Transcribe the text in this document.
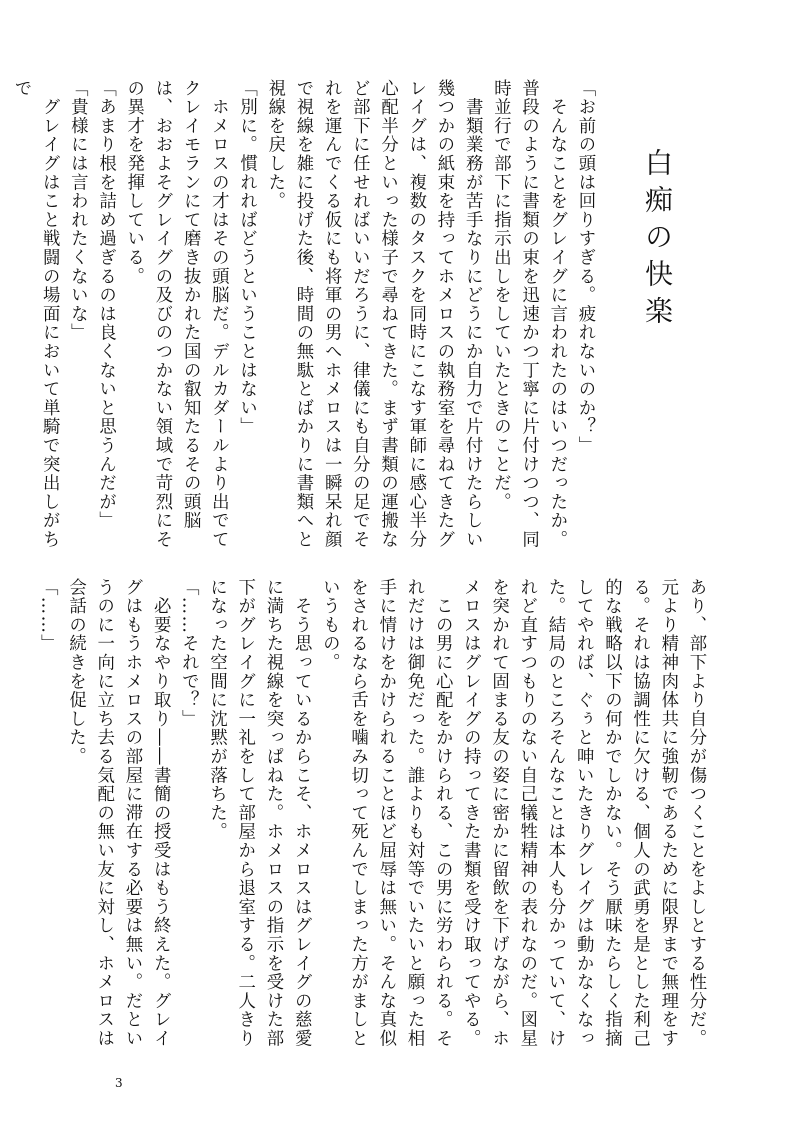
白痴の快楽
「お前の頭は回りすぎる。疲れないのか？」
　そんなことをグレイグに言われたのはいつだったか。普段のように書類の束を迅速かつ丁寧に片付けつつ、同時並行で部下に指示出しをしていたときのことだ。
　書類業務が苦手なりにどうにか自力で片付けたらしい幾つかの紙束を持ってホメロスの執務室を尋ねてきたグレイグは、複数のタスクを同時にこなす軍師に感心半分心配半分といった様子で尋ねてきた。まず書類の運搬など部下に任せればいいだろうに、律儀にも自分の足でそれを運んでくる仮にも将軍の男へホメロスは一瞬呆れ顔で視線を雑に投げた後、時間の無駄とばかりに書類へと視線を戻した。
「別に。慣れればどうということはない」
　ホメロスの才はその頭脳だ。デルカダールより出でてクレイモランにて磨き抜かれた国の叡知たるその頭脳は、おおよそグレイグの及びのつかない領域で苛烈にその異才を発揮している。
「あまり根を詰め過ぎるのは良くないと思うんだが」
「貴様には言われたくないな」
　グレイグはこと戦闘の場面において単騎で突出しがちで
あり、部下より自分が傷つくことをよしとする性分だ。元より精神肉体共に強靭であるために限界まで無理をする。それは協調性に欠ける、個人の武勇を是とした利己的な戦略以下の何かでしかない。そう厭味たらしく指摘してやれば、ぐぅと呻いたきりグレイグは動かなくなった。結局のところそんなことは本人も分かっていて、けれど直すつもりのない自己犠牲精神の表れなのだ。図星を突かれて固まる友の姿に密かに留飲を下げながら、ホメロスはグレイグの持ってきた書類を受け取ってやる。
　この男に心配をかけられる、この男に労わられる。それだけは御免だった。誰よりも対等でいたいと願った相手に情けをかけられることほど屈辱は無い。そんな真似をされるなら舌を噛み切って死んでしまった方がましというもの。
　そう思っているからこそ、ホメロスはグレイグの慈愛に満ちた視線を突っぱねた。ホメロスの指示を受けた部下がグレイグに一礼をして部屋から退室する。二人きりになった空間に沈黙が落ちた。
「……それで？」
　必要なやり取り――書簡の授受はもう終えた。グレイグはもうホメロスの部屋に滞在する必要は無い。だというのに一向に立ち去る気配の無い友に対し、ホメロスは会話の続きを促した。
「……」
3
